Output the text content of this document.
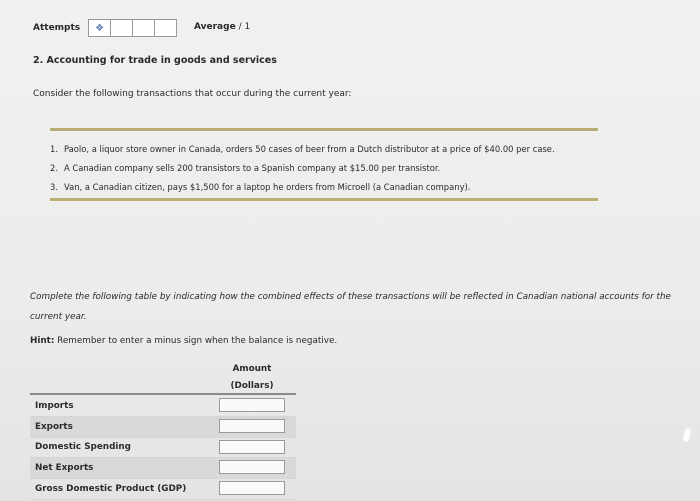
Attempts	❖	Average / 1
2. Accounting for trade in goods and services
Consider the following transactions that occur during the current year:
1. Paolo, a liquor store owner in Canada, orders 50 cases of beer from a Dutch distributor at a price of $40.00 per case.
2. A Canadian company sells 200 transistors to a Spanish company at $15.00 per transistor.
3. Van, a Canadian citizen, pays $1,500 for a laptop he orders from Microell (a Canadian company).
Complete the following table by indicating how the combined effects of these transactions will be reflected in Canadian national accounts for the current year.
Hint: Remember to enter a minus sign when the balance is negative.
Amount
(Dollars)
Imports
Exports
Domestic Spending
Net Exports
Gross Domestic Product (GDP)
